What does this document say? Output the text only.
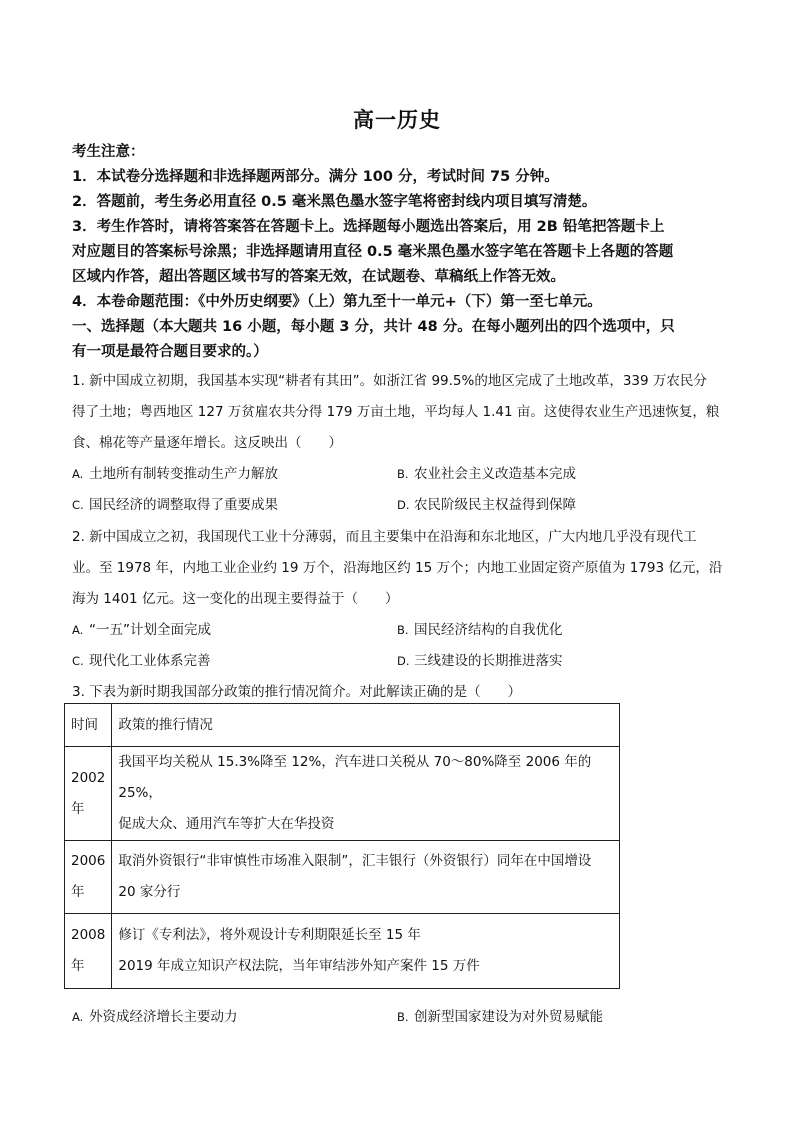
高一历史
考生注意：
1．本试卷分选择题和非选择题两部分。满分 100 分，考试时间 75 分钟。
2．答题前，考生务必用直径 0.5 毫米黑色墨水签字笔将密封线内项目填写清楚。
3．考生作答时，请将答案答在答题卡上。选择题每小题选出答案后，用 2B 铅笔把答题卡上
对应题目的答案标号涂黑；非选择题请用直径 0.5 毫米黑色墨水签字笔在答题卡上各题的答题
区域内作答，超出答题区域书写的答案无效，在试题卷、草稿纸上作答无效。
4．本卷命题范围：《中外历史纲要》（上）第九至十一单元+（下）第一至七单元。
一、选择题（本大题共 16 小题，每小题 3 分，共计 48 分。在每小题列出的四个选项中，只
有一项是最符合题目要求的。）
1. 新中国成立初期，我国基本实现“耕者有其田”。如浙江省 99.5%的地区完成了土地改革，339 万农民分
得了土地；粤西地区 127 万贫雇农共分得 179 万亩土地，平均每人 1.41 亩。这使得农业生产迅速恢复，粮
食、棉花等产量逐年增长。这反映出（　　）
A. 土地所有制转变推动生产力解放	B. 农业社会主义改造基本完成
C. 国民经济的调整取得了重要成果	D. 农民阶级民主权益得到保障
2. 新中国成立之初，我国现代工业十分薄弱，而且主要集中在沿海和东北地区，广大内地几乎没有现代工
业。至 1978 年，内地工业企业约 19 万个，沿海地区约 15 万个；内地工业固定资产原值为 1793 亿元，沿
海为 1401 亿元。这一变化的出现主要得益于（　　）
A. “一五”计划全面完成	B. 国民经济结构的自我优化
C. 现代化工业体系完善	D. 三线建设的长期推进落实
3. 下表为新时期我国部分政策的推行情况简介。对此解读正确的是（　　）
时间	政策的推行情况
2002
年	我国平均关税从 15.3%降至 12%，汽车进口关税从 70～80%降至 2006 年的 25%，
促成大众、通用汽车等扩大在华投资
2006
年	取消外资银行“非审慎性市场准入限制”，汇丰银行（外资银行）同年在中国增设
20 家分行
2008
年	修订《专利法》，将外观设计专利期限延长至 15 年
2019 年成立知识产权法院，当年审结涉外知产案件 15 万件
A. 外资成经济增长主要动力	B. 创新型国家建设为对外贸易赋能
